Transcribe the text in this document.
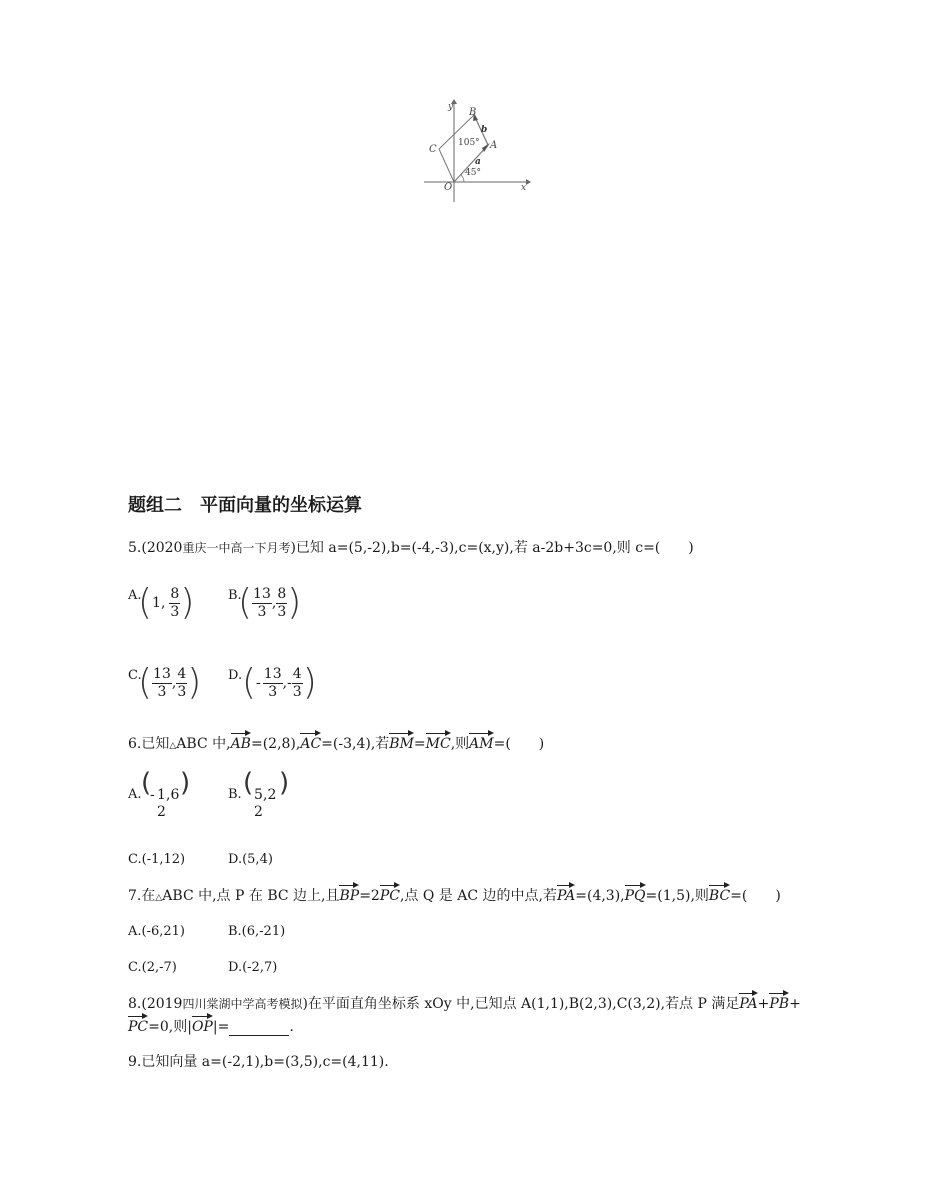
y
x
O
A
B
C
a
b
105°
45°
题组二　平面向量的坐标运算
5.(2020重庆一中高一下月考)已知 a=(5,-2),b=(-4,-3),c=(x,y),若 a-2b+3c=0,则 c=(　　)
A.
( 1, $\frac{8}{3}$ )	B.
( $\frac{13}{3}$ , $\frac{8}{3}$ )
C.
( $\frac{13}{3}$ , $\frac{4}{3}$ ) D. ( - $\frac{13}{3}$ ,- $\frac{4}{3}$ )
6.已知△ABC 中,AB=(2,8),AC=(-3,4),若BM=MC,则AM=(　　)
A. (
- 1 ,6 )
2
B. ( 5 ,2 )
2
C.(-1,12)	D.(5,4)
7.在△ABC 中,点 P 在 BC 边上,且BP=2PC,点 Q 是 AC 边的中点,若PA=(4,3),PQ=(1,5),则BC=(　　)
A.(-6,21)	B.(6,-21)
C.(2,-7)	D.(-2,7)
8.(2019四川棠湖中学高考模拟)在平面直角坐标系 xOy 中,已知点 A(1,1),B(2,3),C(3,2),若点 P 满足PA+PB+
PC=0,则|OP|=	.
9.已知向量 a=(-2,1),b=(3,5),c=(4,11).
